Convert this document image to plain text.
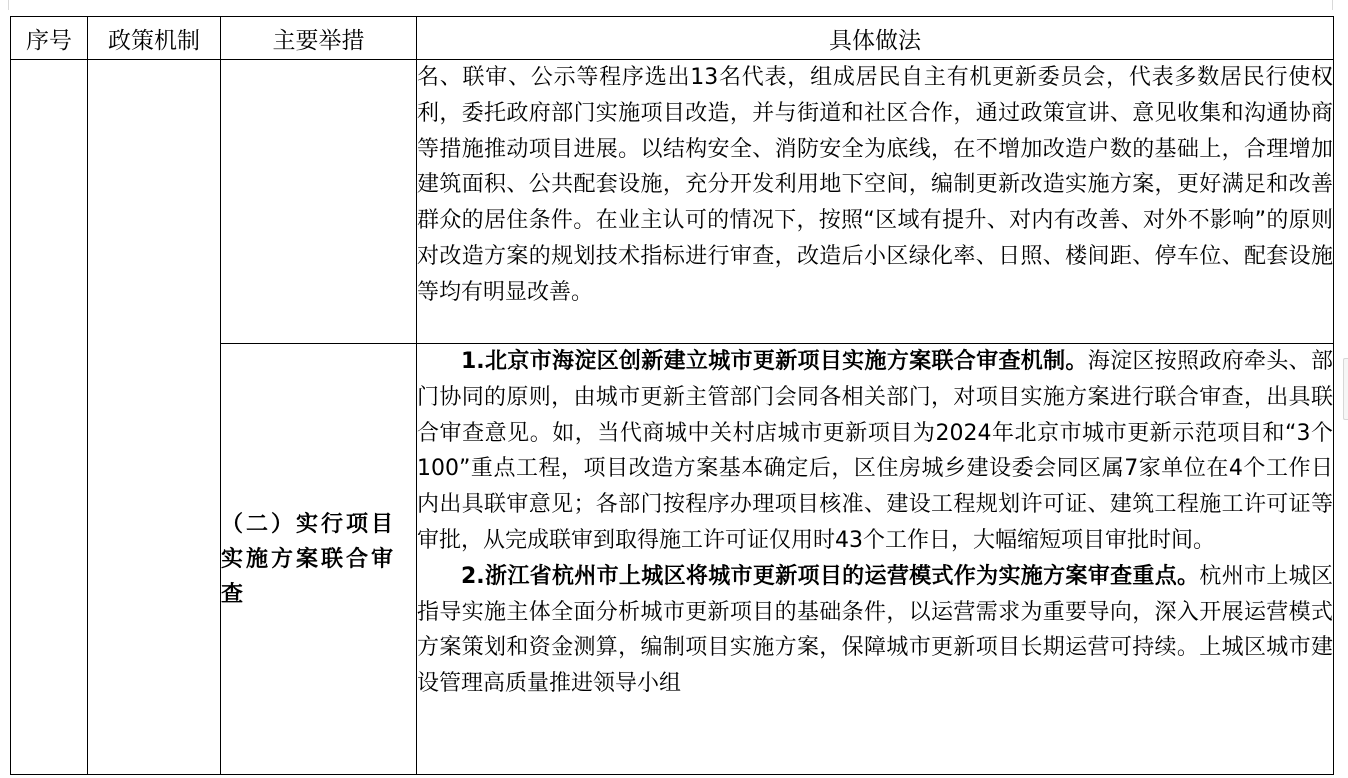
序号	政策机制	主要举措	具体做法

			名、联审、公示等程序选出13名代表，组成居民自主有机更新委员会，代表多数居民行使权利，委托政府部门实施项目改造，并与街道和社区合作，通过政策宣讲、意见收集和沟通协商等措施推动项目进展。以结构安全、消防安全为底线，在不增加改造户数的基础上，合理增加建筑面积、公共配套设施，充分开发利用地下空间，编制更新改造实施方案，更好满足和改善群众的居住条件。在业主认可的情况下，按照“区域有提升、对内有改善、对外不影响”的原则对改造方案的规划技术指标进行审查，改造后小区绿化率、日照、楼间距、停车位、配套设施等均有明显改善。

		（二）实行项目实施方案联合审查	1.北京市海淀区创新建立城市更新项目实施方案联合审查机制。海淀区按照政府牵头、部门协同的原则，由城市更新主管部门会同各相关部门，对项目实施方案进行联合审查，出具联合审查意见。如，当代商城中关村店城市更新项目为2024年北京市城市更新示范项目和“3个100”重点工程，项目改造方案基本确定后，区住房城乡建设委会同区属7家单位在4个工作日内出具联审意见；各部门按程序办理项目核准、建设工程规划许可证、建筑工程施工许可证等审批，从完成联审到取得施工许可证仅用时43个工作日，大幅缩短项目审批时间。

2.浙江省杭州市上城区将城市更新项目的运营模式作为实施方案审查重点。杭州市上城区指导实施主体全面分析城市更新项目的基础条件，以运营需求为重要导向，深入开展运营模式方案策划和资金测算，编制项目实施方案，保障城市更新项目长期运营可持续。上城区城市建设管理高质量推进领导小组
